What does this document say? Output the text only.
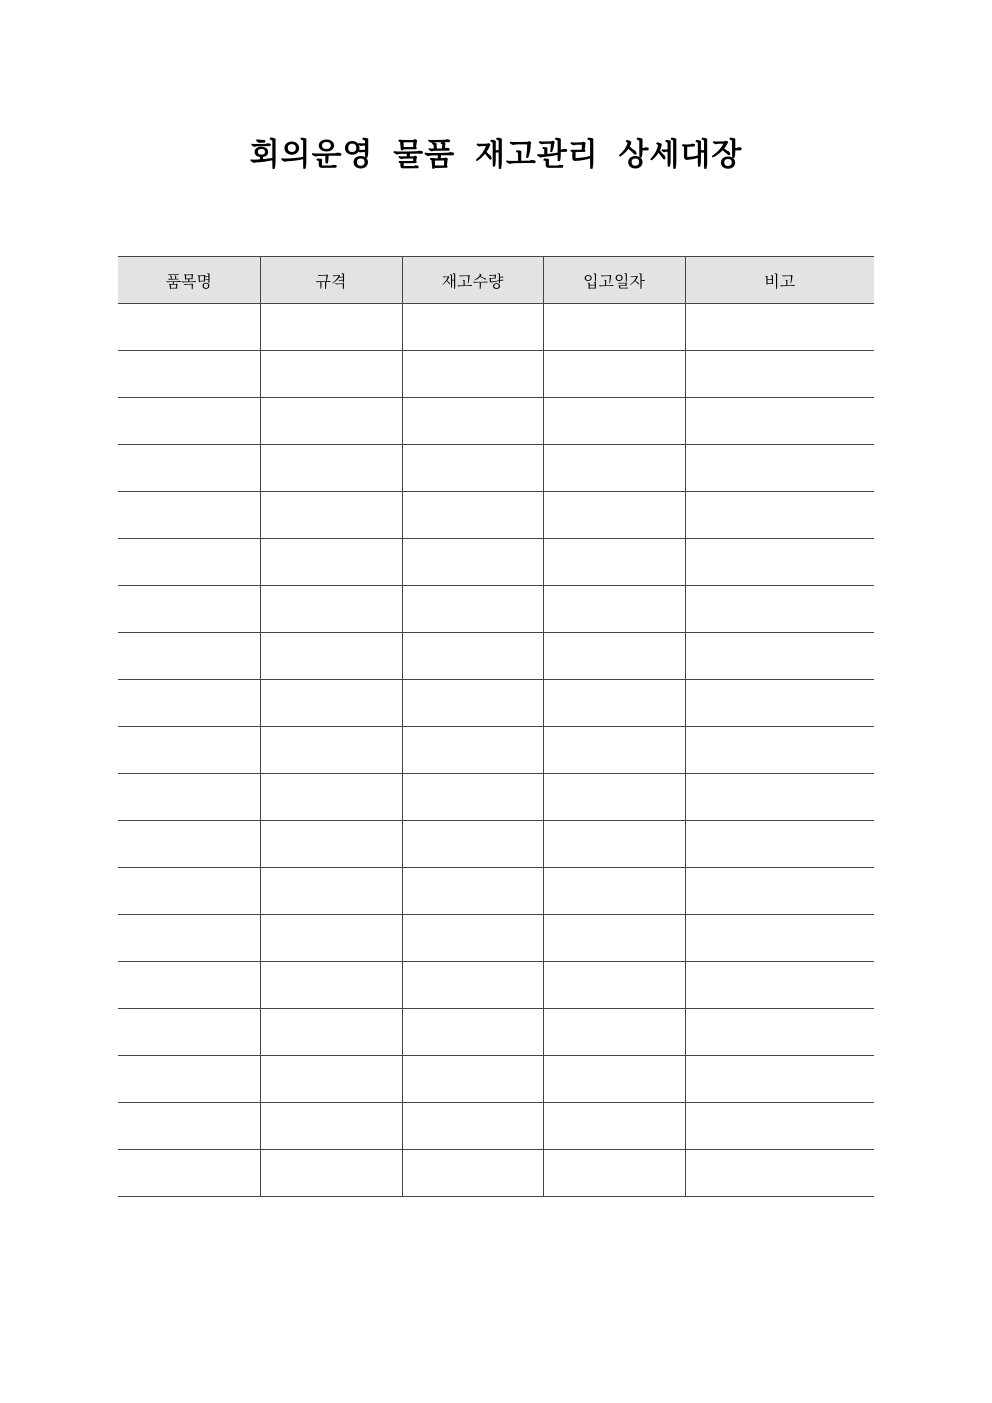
회의운영 물품 재고관리 상세대장
품목명	규격	재고수량	입고일자	비고
